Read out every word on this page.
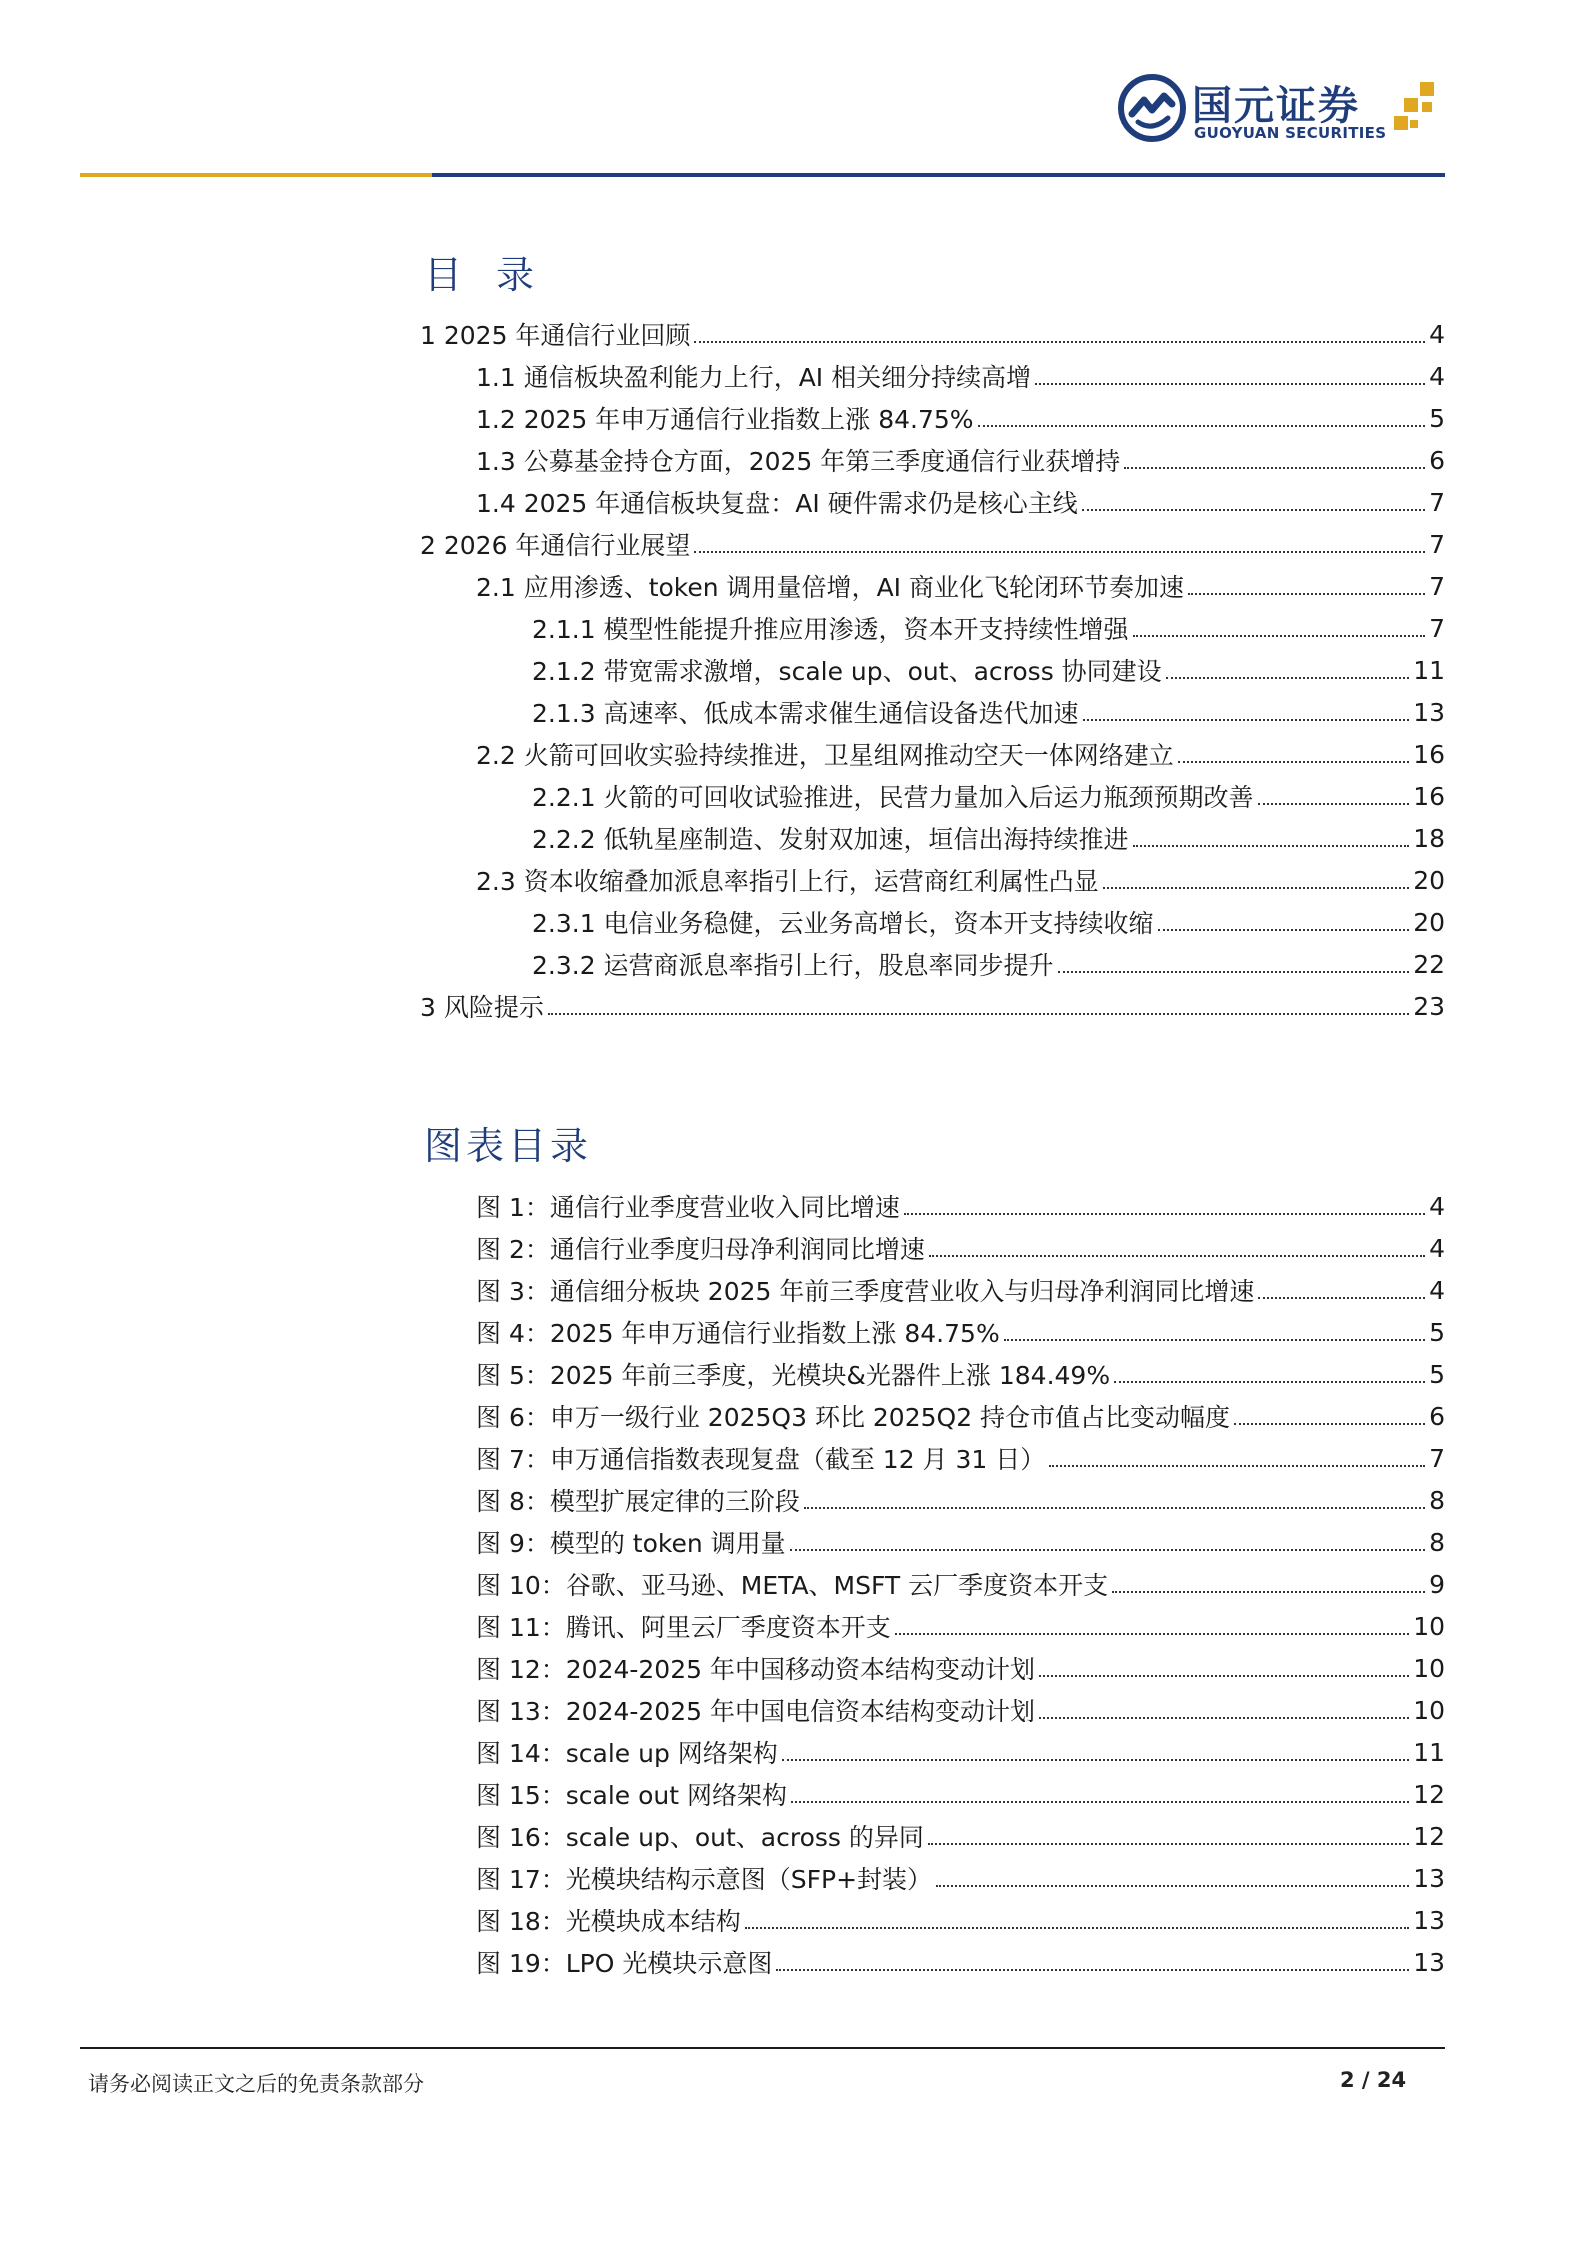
国元证券
GUOYUAN SECURITIES
目录
1 2025 年通信行业回顾	4
1.1 通信板块盈利能力上行，AI 相关细分持续高增	4
1.2 2025 年申万通信行业指数上涨 84.75%	5
1.3 公募基金持仓方面，2025 年第三季度通信行业获增持	6
1.4 2025 年通信板块复盘：AI 硬件需求仍是核心主线	7
2 2026 年通信行业展望	7
2.1 应用渗透、token 调用量倍增，AI 商业化飞轮闭环节奏加速	7
2.1.1 模型性能提升推应用渗透，资本开支持续性增强	7
2.1.2 带宽需求激增，scale up、out、across 协同建设	11
2.1.3 高速率、低成本需求催生通信设备迭代加速	13
2.2 火箭可回收实验持续推进，卫星组网推动空天一体网络建立	16
2.2.1 火箭的可回收试验推进，民营力量加入后运力瓶颈预期改善	16
2.2.2 低轨星座制造、发射双加速，垣信出海持续推进	18
2.3 资本收缩叠加派息率指引上行，运营商红利属性凸显	20
2.3.1 电信业务稳健，云业务高增长，资本开支持续收缩	20
2.3.2 运营商派息率指引上行，股息率同步提升	22
3 风险提示	23
图表目录
图 1：通信行业季度营业收入同比增速	4
图 2：通信行业季度归母净利润同比增速	4
图 3：通信细分板块 2025 年前三季度营业收入与归母净利润同比增速	4
图 4：2025 年申万通信行业指数上涨 84.75%	5
图 5：2025 年前三季度，光模块&光器件上涨 184.49%	5
图 6：申万一级行业 2025Q3 环比 2025Q2 持仓市值占比变动幅度	6
图 7：申万通信指数表现复盘（截至 12 月 31 日）	7
图 8：模型扩展定律的三阶段	8
图 9：模型的 token 调用量	8
图 10：谷歌、亚马逊、META、MSFT 云厂季度资本开支	9
图 11：腾讯、阿里云厂季度资本开支	10
图 12：2024-2025 年中国移动资本结构变动计划	10
图 13：2024-2025 年中国电信资本结构变动计划	10
图 14：scale up 网络架构	11
图 15：scale out 网络架构	12
图 16：scale up、out、across 的异同	12
图 17：光模块结构示意图（SFP+封装）	13
图 18：光模块成本结构	13
图 19：LPO 光模块示意图	13
请务必阅读正文之后的免责条款部分	2 / 24
